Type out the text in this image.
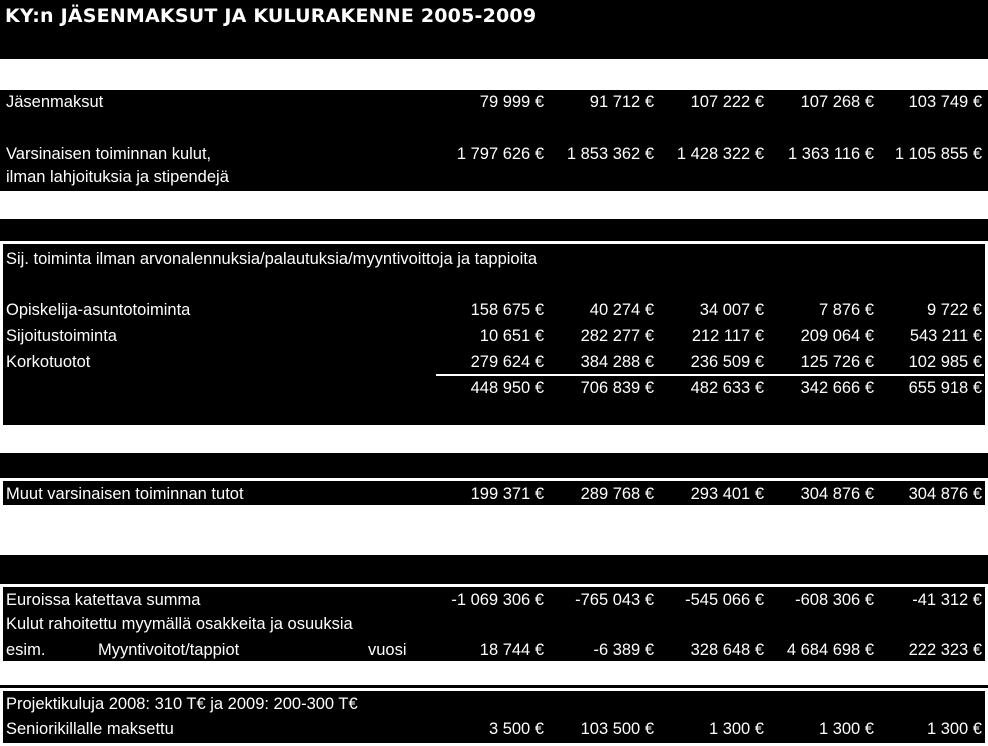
KY:n JÄSENMAKSUT JA KULURAKENNE 2005-2009
Jäsenmaksut	79 999 €	91 712 €	107 222 €	107 268 €	103 749 €
Varsinaisen toiminnan kulut,
ilman lahjoituksia ja stipendejä
1 797 626 €	1 853 362 €	1 428 322 €	1 363 116 €	1 105 855 €
Sij. toiminta ilman arvonalennuksia/palautuksia/myyntivoittoja ja tappioita
Opiskelija-asuntotoiminta	158 675 €	40 274 €	34 007 €	7 876 €	9 722 €
Sijoitustoiminta	10 651 €	282 277 €	212 117 €	209 064 €	543 211 €
Korkotuotot	279 624 €	384 288 €	236 509 €	125 726 €	102 985 €
448 950 €	706 839 €	482 633 €	342 666 €	655 918 €
Muut varsinaisen toiminnan tutot	199 371 €	289 768 €	293 401 €	304 876 €	304 876 €
Euroissa katettava summa	-1 069 306 €	-765 043 €	-545 066 €	-608 306 €	-41 312 €
Kulut rahoitettu myymällä osakkeita ja osuuksia
esim.	Myyntivoitot/tappiot	vuosi	18 744 €	-6 389 €	328 648 €	4 684 698 €	222 323 €
Projektikuluja 2008: 310 T€ ja 2009: 200-300 T€
Seniorikillalle maksettu	3 500 €	103 500 €	1 300 €	1 300 €	1 300 €
